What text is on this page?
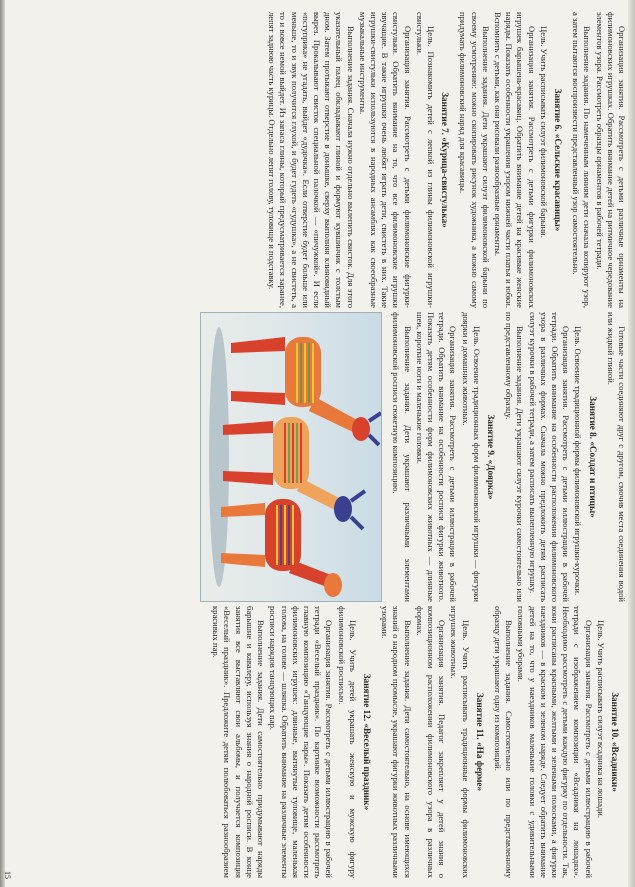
Организация занятия. Рассмотреть с детьми различные орнаменты на филимоновских игрушках. Обратить внимание детей на ритмичное чередование элементов узора. Рассмотреть образцы орнаментов в рабочей тетради.

Выполнение задания. По намеченным линиям дети сначала копируют узор, а затем пытаются воспроизвести представленный узор самостоятельно.

Занятие 6. «Сельские красавицы»

Цель. Учить расписывать силуэт филимоновской барыни.

Организация занятия. Рассмотреть с детьми фигурки филимоновских игрушек барышень-красавиц. Обратить внимание детей на красивые женские наряды. Показать особенности украшения узором нижней части платья и юбки. Вспомнить с детьми, как они рисовали разнообразные орнаменты.

Выполнение задания. Дети украшают силуэт филимоновской барыни по своему усмотрению: можно скопировать рисунок художника, а можно самому придумать филимоновский наряд для красавицы.

Занятие 7. «Курица-свистулька»

Цель. Познакомить детей с лепкой из глины филимоновской игрушки-свистульки.

Организация занятия. Рассмотреть с детьми филимоновские фигурки-свистульки. Обратить внимание на то, что все филимоновские игрушки звучащие. В такие игрушки очень любят играть дети, свистеть в них. Такие игрушки-свистульки используются в народных ансамблях как своеобразные музыкальные инструменты.

Выполнение задания. Сначала нужно отдельно вылепить свисток. Для этого указательный палец обкладывают глиной и формуют кувшинчик с толстым дном. Затем протыкают отверстие в донышке, сверху выполняя клиновидный вырез. Прокалывают свисток специальной палочкой — «пичужкой». И если «пступрика» не угадать, выйдет «дудочка». Если отверстие будет больше или меньше, то и звук получится глухой, и будет гудеть «гудушка», а не свистеть, а то и вовсе немой выйдет. Из запаса глины, который предусматривается заранее, лепят заднюю часть курицы. Отдельно лепят голову, туловище и подставку.

Готовые части соединяют друг с другом, смочив места соединения водой или жидкой глиной.

Занятие 8. «Солдат и птицы»

Цель. Освоение традиционной формы филимоновской игрушки-курочки.

Организация занятия. Рассмотреть с детьми иллюстрации в рабочей тетради. Обратить внимание на особенности расположения филимоновского узора в различных формах. Сначала можно предложить детям расписать силуэт курочки в рабочей тетради, а затем расписать вылепленную игрушку.

Выполнение задания. Дети украшают силуэт курочки самостоятельно или по представленному образцу.

Занятие 9. «Дояркa»

Цель. Освоение традиционных форм филимоновской игрушки — фигурки доярки и домашних животных.

Организация занятия. Рассмотреть с детьми иллюстрации в рабочей тетради. Обратить внимание на особенности росписи фигурки животного. Показать детям особенности форм филимоновских животных — длинные шеи, короткие ноги и маленькие головки.

Выполнение задания. Дети украшают различными элементами филимоновской росписи сюжетную композицию.

Занятие 10. «Всадники»

Цель. Учить расписывать силуэт всадника на лошади.

Организация занятия. Рассмотреть с детьми иллюстрацию в рабочей тетради с изображением композиции «Всадники на лошадях». Необходимо рассмотреть с детьми каждую фигурку по отдельности. Так, кони расписаны красными, желтыми и зелеными полосками, а фигурки наездников — в красном и зеленом наряде. Следует обратить внимание детей на то, что у наездников маленькие головки с удивительными головными уборами.

Выполнение задания. Самостоятельно или по представленному образцу дети украшают одну из композиций.

Занятие 11. «На ферме»

Цель. Учить расписывать традиционные формы филимоновских игрушек животных.

Организация занятия. Педагог закрепляет у детей знания о композиционном расположении филимоновского узора в различных формах.

Выполнение задания. Дети самостоятельно, на основе имеющихся знаний о народном промысле, украшают фигурки животных различными узорами.

Занятие 12. «Веселый праздник»

Цель. Учить детей украшать женскую и мужскую фигуру филимоновской росписью.

Организация занятия. Рассмотреть с детьми иллюстрацию в рабочей тетради «Веселый праздник». По картинке возможности рассмотреть главную композицию «Танцующие пары». Показать детям особенности филимоновских игрушек: длинные, вытянутые туловище, маленькая голова, на голове — шляпка. Обратить внимание на различные элементы росписи нарядов танцующих пар.

Выполнение задания. Дети самостоятельно придумывают наряды барышне и кавалеру, используя знания о народной росписи. В конце занятия все выставляют свои альбомы, и получается композиция «Веселый праздник». Предложите детям полюбоваться разнообразием красивых пар.

15
